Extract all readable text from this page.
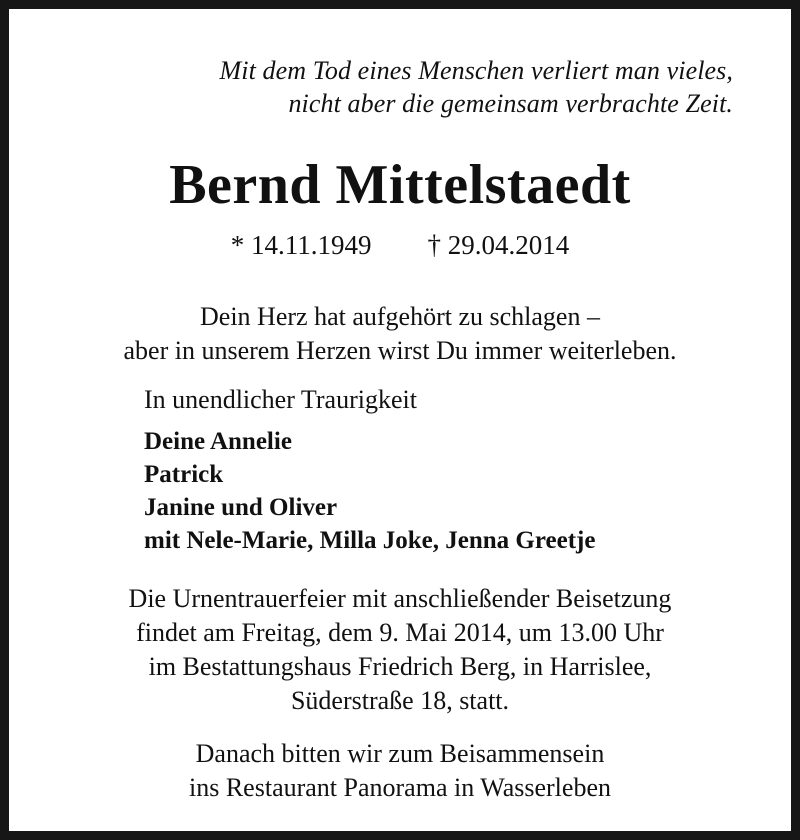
Mit dem Tod eines Menschen verliert man vieles,

nicht aber die gemeinsam verbrachte Zeit.

Bernd Mittelstaedt
* 14.11.1949 † 29.04.2014

Dein Herz hat aufgehört zu schlagen –

aber in unserem Herzen wirst Du immer weiterleben.

In unendlicher Traurigkeit

Deine Annelie

Patrick

Janine und Oliver

mit Nele-Marie, Milla Joke, Jenna Greetje

Die Urnentrauerfeier mit anschließender Beisetzung

findet am Freitag, dem 9. Mai 2014, um 13.00 Uhr

im Bestattungshaus Friedrich Berg, in Harrislee,

Süderstraße 18, statt.

Danach bitten wir zum Beisammensein

ins Restaurant Panorama in Wasserleben
